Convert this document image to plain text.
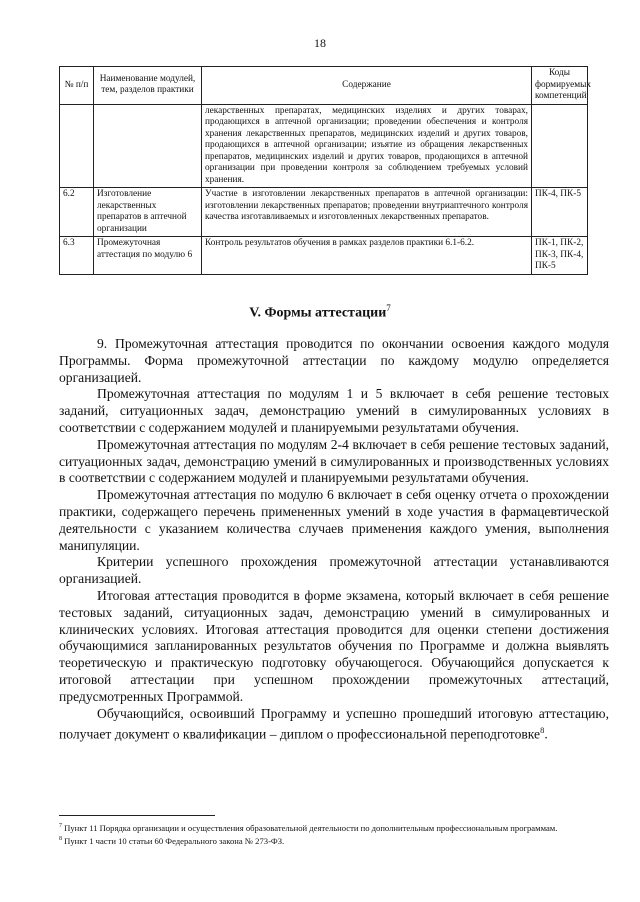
18
№ п/п	Наименование модулей, тем, разделов практики	Содержание	Коды формируемых компетенций
		лекарственных препаратах, медицинских изделиях и других товарах, продающихся в аптечной организации; проведении обеспечения и контроля хранения лекарственных препаратов, медицинских изделий и других товаров, продающихся в аптечной организации; изъятие из обращения лекарственных препаратов, медицинских изделий и других товаров, продающихся в аптечной организации при проведении контроля за соблюдением требуемых условий хранения.	
6.2	Изготовление лекарственных препаратов в аптечной организации	Участие в изготовлении лекарственных препаратов в аптечной организации: изготовлении лекарственных препаратов; проведении внутриаптечного контроля качества изготавливаемых и изготовленных лекарственных препаратов.	ПК-4, ПК-5
6.3	Промежуточная аттестация по модулю 6	Контроль результатов обучения в рамках разделов практики 6.1-6.2.	ПК-1, ПК-2, ПК-3, ПК-4, ПК-5
V. Формы аттестации$^7$

9. Промежуточная аттестация проводится по окончании освоения каждого модуля Программы. Форма промежуточной аттестации по каждому модулю определяется организацией.

Промежуточная аттестация по модулям 1 и 5 включает в себя решение тестовых заданий, ситуационных задач, демонстрацию умений в симулированных условиях в соответствии с содержанием модулей и планируемыми результатами обучения.

Промежуточная аттестация по модулям 2-4 включает в себя решение тестовых заданий, ситуационных задач, демонстрацию умений в симулированных и производственных условиях в соответствии с содержанием модулей и планируемыми результатами обучения.

Промежуточная аттестация по модулю 6 включает в себя оценку отчета о прохождении практики, содержащего перечень примененных умений в ходе участия в фармацевтической деятельности с указанием количества случаев применения каждого умения, выполнения манипуляции.

Критерии успешного прохождения промежуточной аттестации устанавливаются организацией.

Итоговая аттестация проводится в форме экзамена, который включает в себя решение тестовых заданий, ситуационных задач, демонстрацию умений в симулированных и клинических условиях. Итоговая аттестация проводится для оценки степени достижения обучающимися запланированных результатов обучения по Программе и должна выявлять теоретическую и практическую подготовку обучающегося. Обучающийся допускается к итоговой аттестации при успешном прохождении промежуточных аттестаций, предусмотренных Программой.

Обучающийся, освоивший Программу и успешно прошедший итоговую аттестацию, получает документ о квалификации – диплом о профессиональной переподготовке$^8$.

$^7$ Пункт 11 Порядка организации и осуществления образовательной деятельности по дополнительным профессиональным программам.

$^8$ Пункт 1 части 10 статьи 60 Федерального закона № 273-ФЗ.
